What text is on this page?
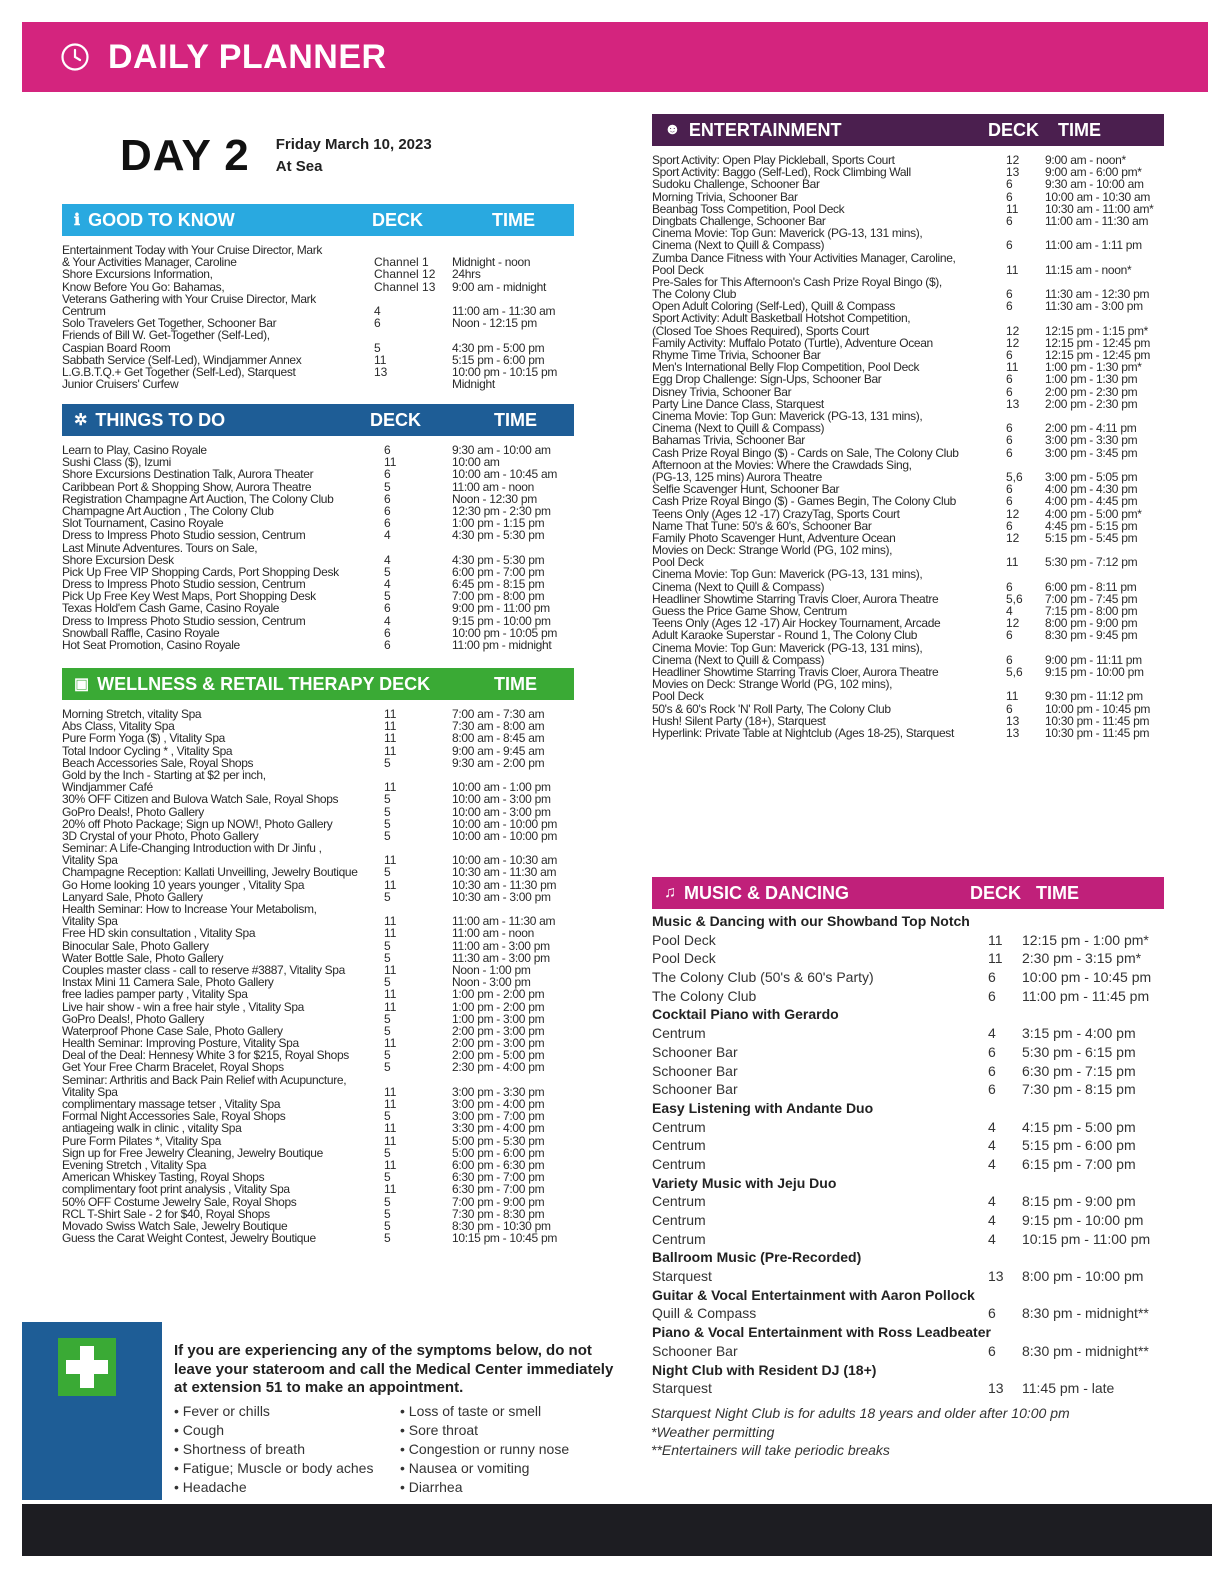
DAILY PLANNER
DAY 2 Friday March 10, 2023
At Sea
ℹ GOOD TO KNOW	DECK	TIME
Entertainment Today with Your Cruise Director, Mark
& Your Activities Manager, Caroline	Channel 1 Midnight - noon
Shore Excursions Information,	Channel 12 24hrs
Know Before You Go: Bahamas,	Channel 13 9:00 am - midnight
Veterans Gathering with Your Cruise Director, Mark
Centrum	4	11:00 am - 11:30 am
Solo Travelers Get Together, Schooner Bar	6	Noon - 12:15 pm
Friends of Bill W. Get-Together (Self-Led),
Caspian Board Room	5	4:30 pm - 5:00 pm
Sabbath Service (Self-Led), Windjammer Annex	11	5:15 pm - 6:00 pm
L.G.B.T.Q.+ Get Together (Self-Led), Starquest	13	10:00 pm - 10:15 pm
Junior Cruisers' Curfew	Midnight
✲ THINGS TO DO	DECK	TIME
Learn to Play, Casino Royale	6	9:30 am - 10:00 am
Sushi Class ($), Izumi	11	10:00 am
Shore Excursions Destination Talk, Aurora Theater	6	10:00 am - 10:45 am
Caribbean Port & Shopping Show, Aurora Theatre	5	11:00 am - noon
Registration Champagne Art Auction, The Colony Club	6	Noon - 12:30 pm
Champagne Art Auction , The Colony Club	6	12:30 pm - 2:30 pm
Slot Tournament, Casino Royale	6	1:00 pm - 1:15 pm
Dress to Impress Photo Studio session, Centrum	4	4:30 pm - 5:30 pm
Last Minute Adventures. Tours on Sale,
Shore Excursion Desk	4	4:30 pm - 5:30 pm
Pick Up Free VIP Shopping Cards, Port Shopping Desk	5	6:00 pm - 7:00 pm
Dress to Impress Photo Studio session, Centrum	4	6:45 pm - 8:15 pm
Pick Up Free Key West Maps, Port Shopping Desk	5	7:00 pm - 8:00 pm
Texas Hold'em Cash Game, Casino Royale	6	9:00 pm - 11:00 pm
Dress to Impress Photo Studio session, Centrum	4	9:15 pm - 10:00 pm
Snowball Raffle, Casino Royale	6	10:00 pm - 10:05 pm
Hot Seat Promotion, Casino Royale	6	11:00 pm - midnight
▣ WELLNESS & RETAIL THERAPY DECK	TIME
Morning Stretch, vitality Spa	11	7:00 am - 7:30 am
Abs Class, Vitality Spa	11	7:30 am - 8:00 am
Pure Form Yoga ($) , Vitality Spa	11	8:00 am - 8:45 am
Total Indoor Cycling * , Vitality Spa	11	9:00 am - 9:45 am
Beach Accessories Sale, Royal Shops	5	9:30 am - 2:00 pm
Gold by the Inch - Starting at $2 per inch,
Windjammer Café	11	10:00 am - 1:00 pm
30% OFF Citizen and Bulova Watch Sale, Royal Shops	5	10:00 am - 3:00 pm
GoPro Deals!, Photo Gallery	5	10:00 am - 3:00 pm
20% off Photo Package; Sign up NOW!, Photo Gallery	5	10:00 am - 10:00 pm
3D Crystal of your Photo, Photo Gallery	5	10:00 am - 10:00 pm
Seminar: A Life-Changing Introduction with Dr Jinfu ,
Vitality Spa	11	10:00 am - 10:30 am
Champagne Reception: Kallati Unveilling, Jewelry Boutique 5	10:30 am - 11:30 am
Go Home looking 10 years younger , Vitality Spa	11	10:30 am - 11:30 pm
Lanyard Sale, Photo Gallery	5	10:30 am - 3:00 pm
Health Seminar: How to Increase Your Metabolism,
Vitality Spa	11	11:00 am - 11:30 am
Free HD skin consultation , Vitality Spa	11	11:00 am - noon
Binocular Sale, Photo Gallery	5	11:00 am - 3:00 pm
Water Bottle Sale, Photo Gallery	5	11:30 am - 3:00 pm
Couples master class - call to reserve #3887, Vitality Spa	11	Noon - 1:00 pm
Instax Mini 11 Camera Sale, Photo Gallery	5	Noon - 3:00 pm
free ladies pamper party , Vitality Spa	11	1:00 pm - 2:00 pm
Live hair show - win a free hair style , Vitality Spa	11	1:00 pm - 2:00 pm
GoPro Deals!, Photo Gallery	5	1:00 pm - 3:00 pm
Waterproof Phone Case Sale, Photo Gallery	5	2:00 pm - 3:00 pm
Health Seminar: Improving Posture, Vitality Spa	11	2:00 pm - 3:00 pm
Deal of the Deal: Hennesy White 3 for $215, Royal Shops	5	2:00 pm - 5:00 pm
Get Your Free Charm Bracelet, Royal Shops	5	2:30 pm - 4:00 pm
Seminar: Arthritis and Back Pain Relief with Acupuncture,
Vitality Spa	11	3:00 pm - 3:30 pm
complimentary massage tetser , Vitality Spa	11	3:00 pm - 4:00 pm
Formal Night Accessories Sale, Royal Shops	5	3:00 pm - 7:00 pm
antiageing walk in clinic , vitality Spa	11	3:30 pm - 4:00 pm
Pure Form Pilates *, Vitality Spa	11	5:00 pm - 5:30 pm
Sign up for Free Jewelry Cleaning, Jewelry Boutique	5	5:00 pm - 6:00 pm
Evening Stretch , Vitality Spa	11	6:00 pm - 6:30 pm
American Whiskey Tasting, Royal Shops	5	6:30 pm - 7:00 pm
complimentary foot print analysis , Vitality Spa	11	6:30 pm - 7:00 pm
50% OFF Costume Jewelry Sale, Royal Shops	5	7:00 pm - 9:00 pm
RCL T-Shirt Sale - 2 for $40, Royal Shops	5	7:30 pm - 8:30 pm
Movado Swiss Watch Sale, Jewelry Boutique	5	8:30 pm - 10:30 pm
Guess the Carat Weight Contest, Jewelry Boutique	5	10:15 pm - 10:45 pm
If you are experiencing any of the symptoms below, do not leave your stateroom and call the Medical Center immediately at extension 51 to make an appointment.
• Fever or chills
• Cough
• Shortness of breath
• Fatigue; Muscle or body aches
• Headache
• Loss of taste or smell
• Sore throat
• Congestion or runny nose
• Nausea or vomiting
• Diarrhea
☻ ENTERTAINMENT	DECK TIME
Sport Activity: Open Play Pickleball, Sports Court	12 9:00 am - noon*
Sport Activity: Baggo (Self-Led), Rock Climbing Wall	13 9:00 am - 6:00 pm*
Sudoku Challenge, Schooner Bar	6	9:30 am - 10:00 am
Morning Trivia, Schooner Bar	6	10:00 am - 10:30 am
Beanbag Toss Competition, Pool Deck	11 10:30 am - 11:00 am*
Dingbats Challenge, Schooner Bar	6	11:00 am - 11:30 am
Cinema Movie: Top Gun: Maverick (PG-13, 131 mins),
Cinema (Next to Quill & Compass)	6	11:00 am - 1:11 pm
Zumba Dance Fitness with Your Activities Manager, Caroline,
Pool Deck	11 11:15 am - noon*
Pre-Sales for This Afternoon's Cash Prize Royal Bingo ($),
The Colony Club	6	11:30 am - 12:30 pm
Open Adult Coloring (Self-Led), Quill & Compass	6	11:30 am - 3:00 pm
Sport Activity: Adult Basketball Hotshot Competition,
(Closed Toe Shoes Required), Sports Court	12 12:15 pm - 1:15 pm*
Family Activity: Muffalo Potato (Turtle), Adventure Ocean	12 12:15 pm - 12:45 pm
Rhyme Time Trivia, Schooner Bar	6	12:15 pm - 12:45 pm
Men's International Belly Flop Competition, Pool Deck	11 1:00 pm - 1:30 pm*
Egg Drop Challenge: Sign-Ups, Schooner Bar	6	1:00 pm - 1:30 pm
Disney Trivia, Schooner Bar	6	2:00 pm - 2:30 pm
Party Line Dance Class, Starquest	13 2:00 pm - 2:30 pm
Cinema Movie: Top Gun: Maverick (PG-13, 131 mins),
Cinema (Next to Quill & Compass)	6	2:00 pm - 4:11 pm
Bahamas Trivia, Schooner Bar	6	3:00 pm - 3:30 pm
Cash Prize Royal Bingo ($) - Cards on Sale, The Colony Club	6	3:00 pm - 3:45 pm
Afternoon at the Movies: Where the Crawdads Sing,
(PG-13, 125 mins) Aurora Theatre	5,6 3:00 pm - 5:05 pm
Selfie Scavenger Hunt, Schooner Bar	6	4:00 pm - 4:30 pm
Cash Prize Royal Bingo ($) - Games Begin, The Colony Club	6	4:00 pm - 4:45 pm
Teens Only (Ages 12 -17) CrazyTag, Sports Court	12 4:00 pm - 5:00 pm*
Name That Tune: 50's & 60's, Schooner Bar	6	4:45 pm - 5:15 pm
Family Photo Scavenger Hunt, Adventure Ocean	12 5:15 pm - 5:45 pm
Movies on Deck: Strange World (PG, 102 mins),
Pool Deck	11 5:30 pm - 7:12 pm
Cinema Movie: Top Gun: Maverick (PG-13, 131 mins),
Cinema (Next to Quill & Compass)	6	6:00 pm - 8:11 pm
Headliner Showtime Starring Travis Cloer, Aurora Theatre	5,6 7:00 pm - 7:45 pm
Guess the Price Game Show, Centrum	4	7:15 pm - 8:00 pm
Teens Only (Ages 12 -17) Air Hockey Tournament, Arcade	12 8:00 pm - 9:00 pm
Adult Karaoke Superstar - Round 1, The Colony Club	6	8:30 pm - 9:45 pm
Cinema Movie: Top Gun: Maverick (PG-13, 131 mins),
Cinema (Next to Quill & Compass)	6	9:00 pm - 11:11 pm
Headliner Showtime Starring Travis Cloer, Aurora Theatre	5,6 9:15 pm - 10:00 pm
Movies on Deck: Strange World (PG, 102 mins),
Pool Deck	11 9:30 pm - 11:12 pm
50's & 60's Rock 'N' Roll Party, The Colony Club	6	10:00 pm - 10:45 pm
Hush! Silent Party (18+), Starquest	13 10:30 pm - 11:45 pm
Hyperlink: Private Table at Nightclub (Ages 18-25), Starquest	13 10:30 pm - 11:45 pm
♫ MUSIC & DANCING	DECK TIME
Music & Dancing with our Showband Top Notch
Pool Deck	11 12:15 pm - 1:00 pm*
Pool Deck	11 2:30 pm - 3:15 pm*
The Colony Club (50's & 60's Party)	6 10:00 pm - 10:45 pm
The Colony Club	6 11:00 pm - 11:45 pm
Cocktail Piano with Gerardo
Centrum	4 3:15 pm - 4:00 pm
Schooner Bar	6 5:30 pm - 6:15 pm
Schooner Bar	6 6:30 pm - 7:15 pm
Schooner Bar	6 7:30 pm - 8:15 pm
Easy Listening with Andante Duo
Centrum	4 4:15 pm - 5:00 pm
Centrum	4 5:15 pm - 6:00 pm
Centrum	4 6:15 pm - 7:00 pm
Variety Music with Jeju Duo
Centrum	4 8:15 pm - 9:00 pm
Centrum	4 9:15 pm - 10:00 pm
Centrum	4 10:15 pm - 11:00 pm
Ballroom Music (Pre-Recorded)
Starquest	13 8:00 pm - 10:00 pm
Guitar & Vocal Entertainment with Aaron Pollock
Quill & Compass	6 8:30 pm - midnight**
Piano & Vocal Entertainment with Ross Leadbeater
Schooner Bar	6 8:30 pm - midnight**
Night Club with Resident DJ (18+)
Starquest	13 11:45 pm - late
Starquest Night Club is for adults 18 years and older after 10:00 pm
*Weather permitting
**Entertainers will take periodic breaks
